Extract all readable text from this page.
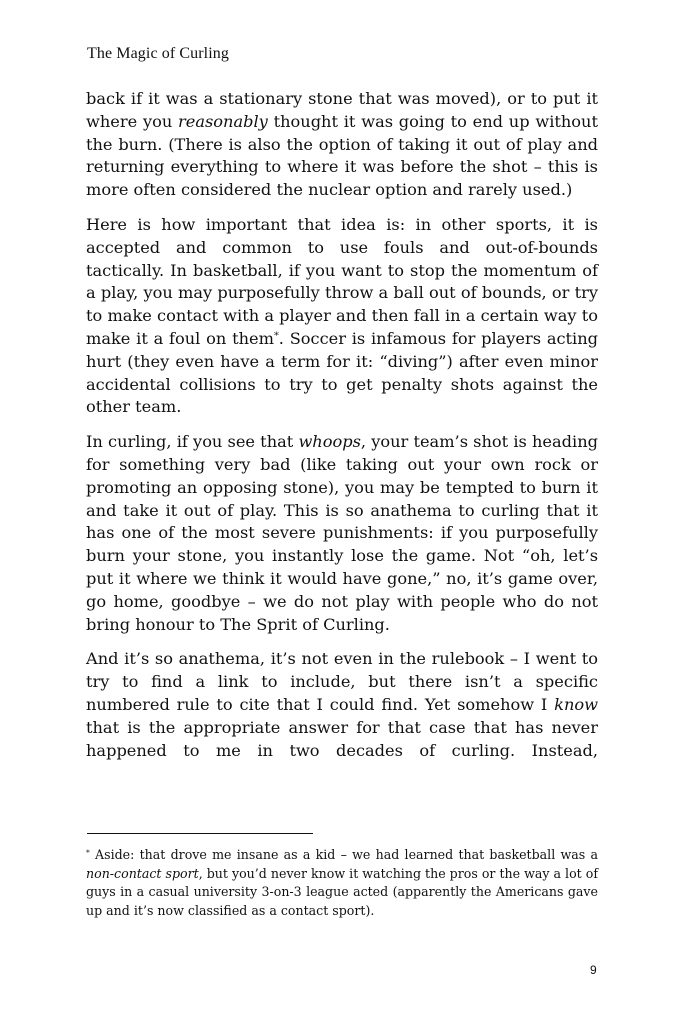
The Magic of Curling

back if it was a stationary stone that was moved), or to put it where you reasonably thought it was going to end up without the burn. (There is also the option of taking it out of play and returning everything to where it was before the shot – this is more often considered the nuclear option and rarely used.)

Here is how important that idea is: in other sports, it is accepted and common to use fouls and out-of-bounds tactically. In basketball, if you want to stop the momentum of a play, you may purposefully throw a ball out of bounds, or try to make contact with a player and then fall in a certain way to make it a foul on them*. Soccer is infamous for players acting hurt (they even have a term for it: “diving”) after even minor accidental collisions to try to get penalty shots against the other team.

In curling, if you see that whoops, your team’s shot is heading for something very bad (like taking out your own rock or promoting an opposing stone), you may be tempted to burn it and take it out of play. This is so anathema to curling that it has one of the most severe punishments: if you purposefully burn your stone, you instantly lose the game. Not “oh, let’s put it where we think it would have gone,” no, it’s game over, go home, goodbye – we do not play with people who do not bring honour to The Sprit of Curling.

And it’s so anathema, it’s not even in the rulebook – I went to try to find a link to include, but there isn’t a specific numbered rule to cite that I could find. Yet somehow I know that is the appropriate answer for that case that has never happened to me in two decades of curling. Instead,

* Aside: that drove me insane as a kid – we had learned that basketball was a non-contact sport, but you’d never know it watching the pros or the way a lot of guys in a casual university 3-on-3 league acted (apparently the Americans gave up and it’s now classified as a contact sport).

9
